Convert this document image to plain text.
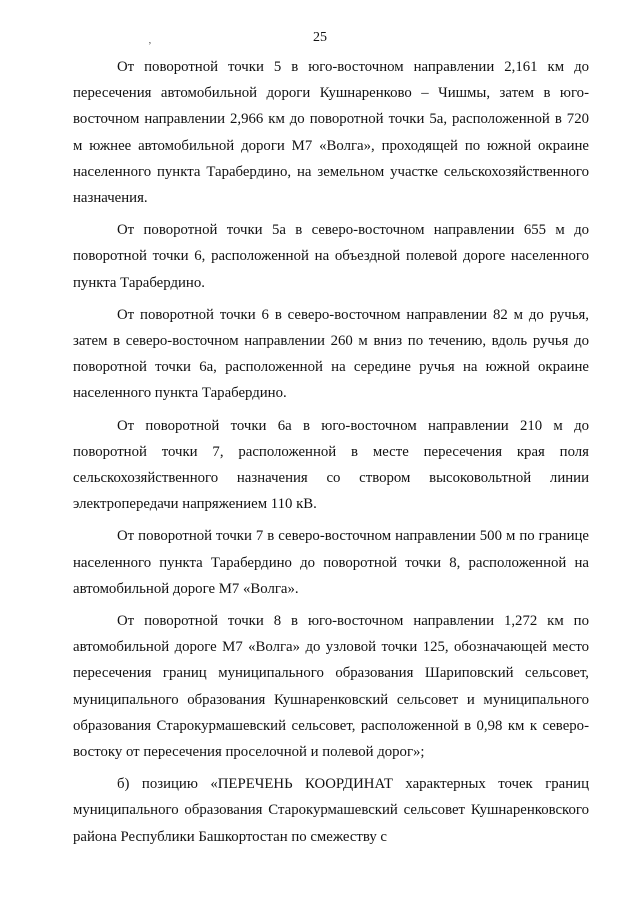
25
ʼ

От поворотной точки 5 в юго-восточном направлении 2,161 км до пересечения автомобильной дороги Кушнаренково – Чишмы, затем в юго-восточном направлении 2,966 км до поворотной точки 5а, расположенной в 720 м южнее автомобильной дороги М7 «Волга», проходящей по южной окраине населенного пункта Тарабердино, на земельном участке сельскохозяйственного назначения.

От поворотной точки 5а в северо-восточном направлении 655 м до поворотной точки 6, расположенной на объездной полевой дороге населенного пункта Тарабердино.

От поворотной точки 6 в северо-восточном направлении 82 м до ручья, затем в северо-восточном направлении 260 м вниз по течению, вдоль ручья до поворотной точки 6а, расположенной на середине ручья на южной окраине населенного пункта Тарабердино.

От поворотной точки 6а в юго-восточном направлении 210 м до поворотной точки 7, расположенной в месте пересечения края поля сельскохозяйственного назначения со створом высоковольтной линии электропередачи напряжением 110 кВ.

От поворотной точки 7 в северо-восточном направлении 500 м по границе населенного пункта Тарабердино до поворотной точки 8, расположенной на автомобильной дороге М7 «Волга».

От поворотной точки 8 в юго-восточном направлении 1,272 км по автомобильной дороге М7 «Волга» до узловой точки 125, обозначающей место пересечения границ муниципального образования Шариповский сельсовет, муниципального образования Кушнаренковский сельсовет и муниципального образования Старокурмашевский сельсовет, расположенной в 0,98 км к северо-востоку от пересечения проселочной и полевой дорог»;

б) позицию «ПЕРЕЧЕНЬ КООРДИНАТ характерных точек границ муниципального образования Старокурмашевский сельсовет Кушнаренковского района Республики Башкортостан по смежеству с
